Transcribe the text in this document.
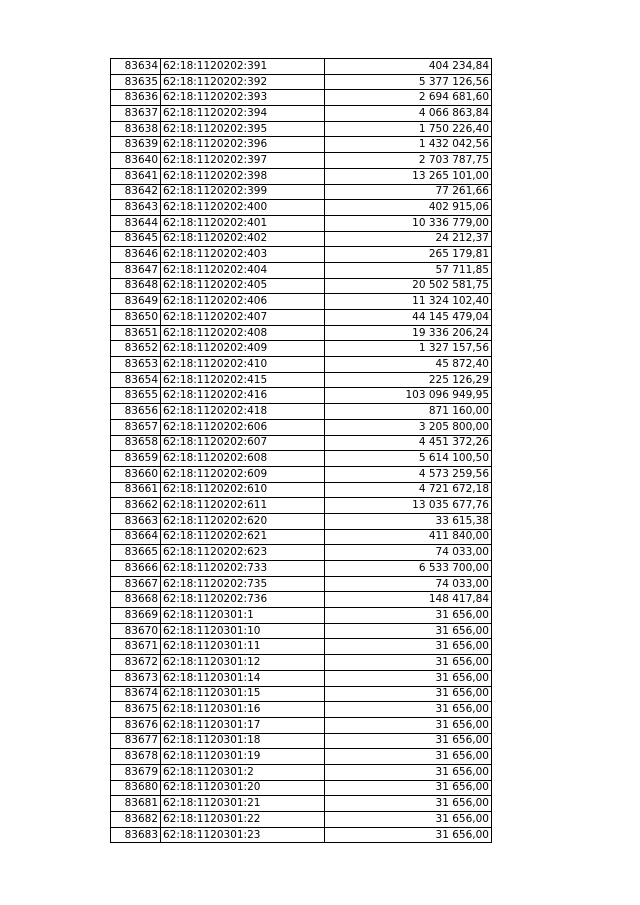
83634	62:18:1120202:391	404 234,84
83635	62:18:1120202:392	5 377 126,56
83636	62:18:1120202:393	2 694 681,60
83637	62:18:1120202:394	4 066 863,84
83638	62:18:1120202:395	1 750 226,40
83639	62:18:1120202:396	1 432 042,56
83640	62:18:1120202:397	2 703 787,75
83641	62:18:1120202:398	13 265 101,00
83642	62:18:1120202:399	77 261,66
83643	62:18:1120202:400	402 915,06
83644	62:18:1120202:401	10 336 779,00
83645	62:18:1120202:402	24 212,37
83646	62:18:1120202:403	265 179,81
83647	62:18:1120202:404	57 711,85
83648	62:18:1120202:405	20 502 581,75
83649	62:18:1120202:406	11 324 102,40
83650	62:18:1120202:407	44 145 479,04
83651	62:18:1120202:408	19 336 206,24
83652	62:18:1120202:409	1 327 157,56
83653	62:18:1120202:410	45 872,40
83654	62:18:1120202:415	225 126,29
83655	62:18:1120202:416	103 096 949,95
83656	62:18:1120202:418	871 160,00
83657	62:18:1120202:606	3 205 800,00
83658	62:18:1120202:607	4 451 372,26
83659	62:18:1120202:608	5 614 100,50
83660	62:18:1120202:609	4 573 259,56
83661	62:18:1120202:610	4 721 672,18
83662	62:18:1120202:611	13 035 677,76
83663	62:18:1120202:620	33 615,38
83664	62:18:1120202:621	411 840,00
83665	62:18:1120202:623	74 033,00
83666	62:18:1120202:733	6 533 700,00
83667	62:18:1120202:735	74 033,00
83668	62:18:1120202:736	148 417,84
83669	62:18:1120301:1	31 656,00
83670	62:18:1120301:10	31 656,00
83671	62:18:1120301:11	31 656,00
83672	62:18:1120301:12	31 656,00
83673	62:18:1120301:14	31 656,00
83674	62:18:1120301:15	31 656,00
83675	62:18:1120301:16	31 656,00
83676	62:18:1120301:17	31 656,00
83677	62:18:1120301:18	31 656,00
83678	62:18:1120301:19	31 656,00
83679	62:18:1120301:2	31 656,00
83680	62:18:1120301:20	31 656,00
83681	62:18:1120301:21	31 656,00
83682	62:18:1120301:22	31 656,00
83683	62:18:1120301:23	31 656,00
